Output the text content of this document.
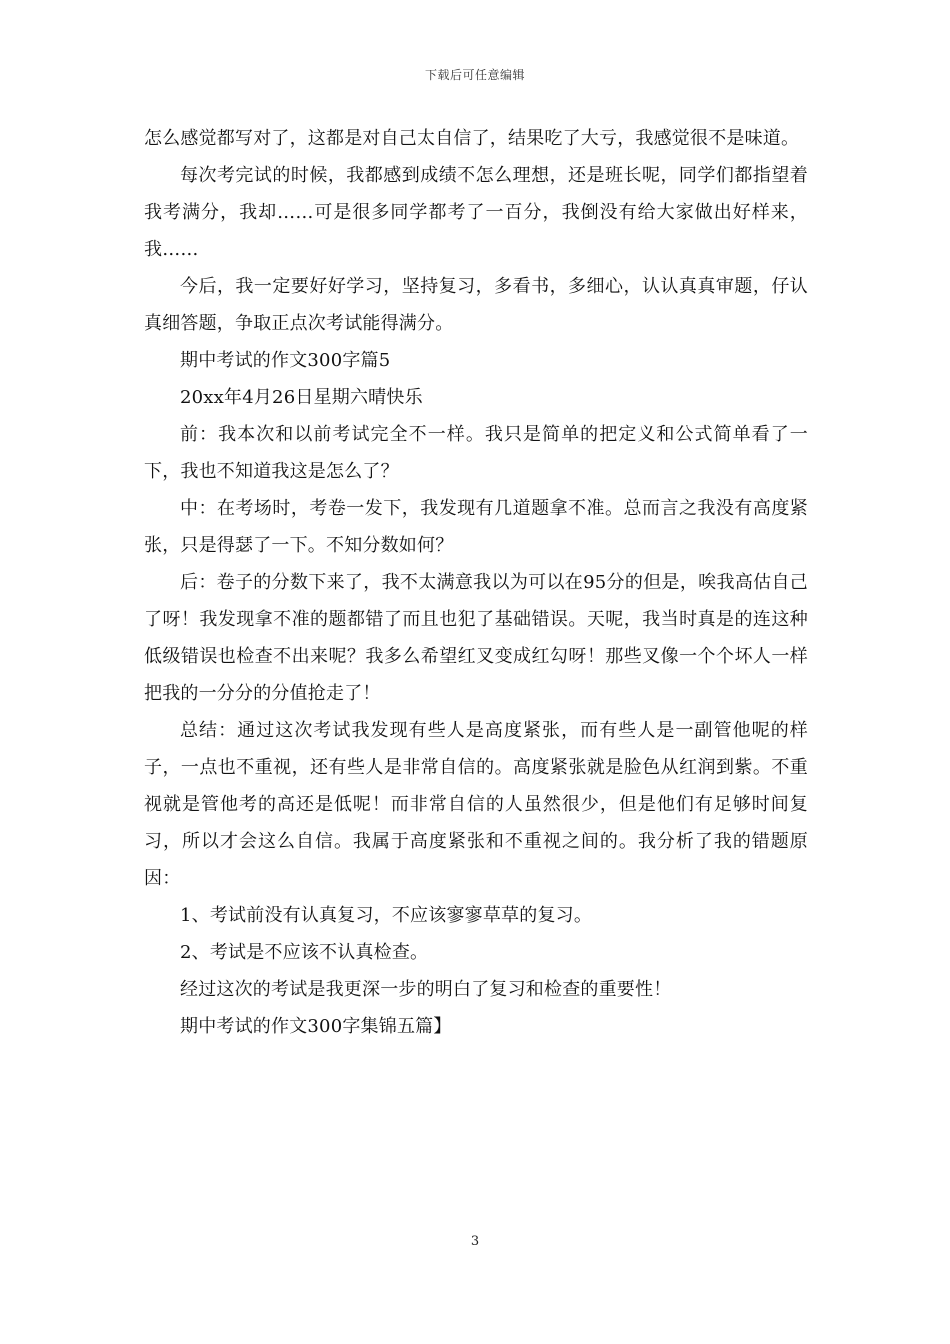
下载后可任意编辑

怎么感觉都写对了，这都是对自己太自信了，结果吃了大亏，我感觉很不是味道。

每次考完试的时候，我都感到成绩不怎么理想，还是班长呢，同学们都指望着我考满分，我却……可是很多同学都考了一百分，我倒没有给大家做出好样来，我……

今后，我一定要好好学习，坚持复习，多看书，多细心，认认真真审题，仔认真细答题，争取正点次考试能得满分。

期中考试的作文300字篇5

20xx年4月26日星期六晴快乐

前：我本次和以前考试完全不一样。我只是简单的把定义和公式简单看了一下，我也不知道我这是怎么了？

中：在考场时，考卷一发下，我发现有几道题拿不准。总而言之我没有高度紧张，只是得瑟了一下。不知分数如何？

后：卷子的分数下来了，我不太满意我以为可以在95分的但是，唉我高估自己了呀！我发现拿不准的题都错了而且也犯了基础错误。天呢，我当时真是的连这种低级错误也检查不出来呢？我多么希望红叉变成红勾呀！那些叉像一个个坏人一样把我的一分分的分值抢走了！

总结：通过这次考试我发现有些人是高度紧张，而有些人是一副管他呢的样子，一点也不重视，还有些人是非常自信的。高度紧张就是脸色从红润到紫。不重视就是管他考的高还是低呢！而非常自信的人虽然很少，但是他们有足够时间复习，所以才会这么自信。我属于高度紧张和不重视之间的。我分析了我的错题原因：

1、考试前没有认真复习，不应该寥寥草草的复习。

2、考试是不应该不认真检查。

经过这次的考试是我更深一步的明白了复习和检查的重要性！

期中考试的作文300字集锦五篇】

3
